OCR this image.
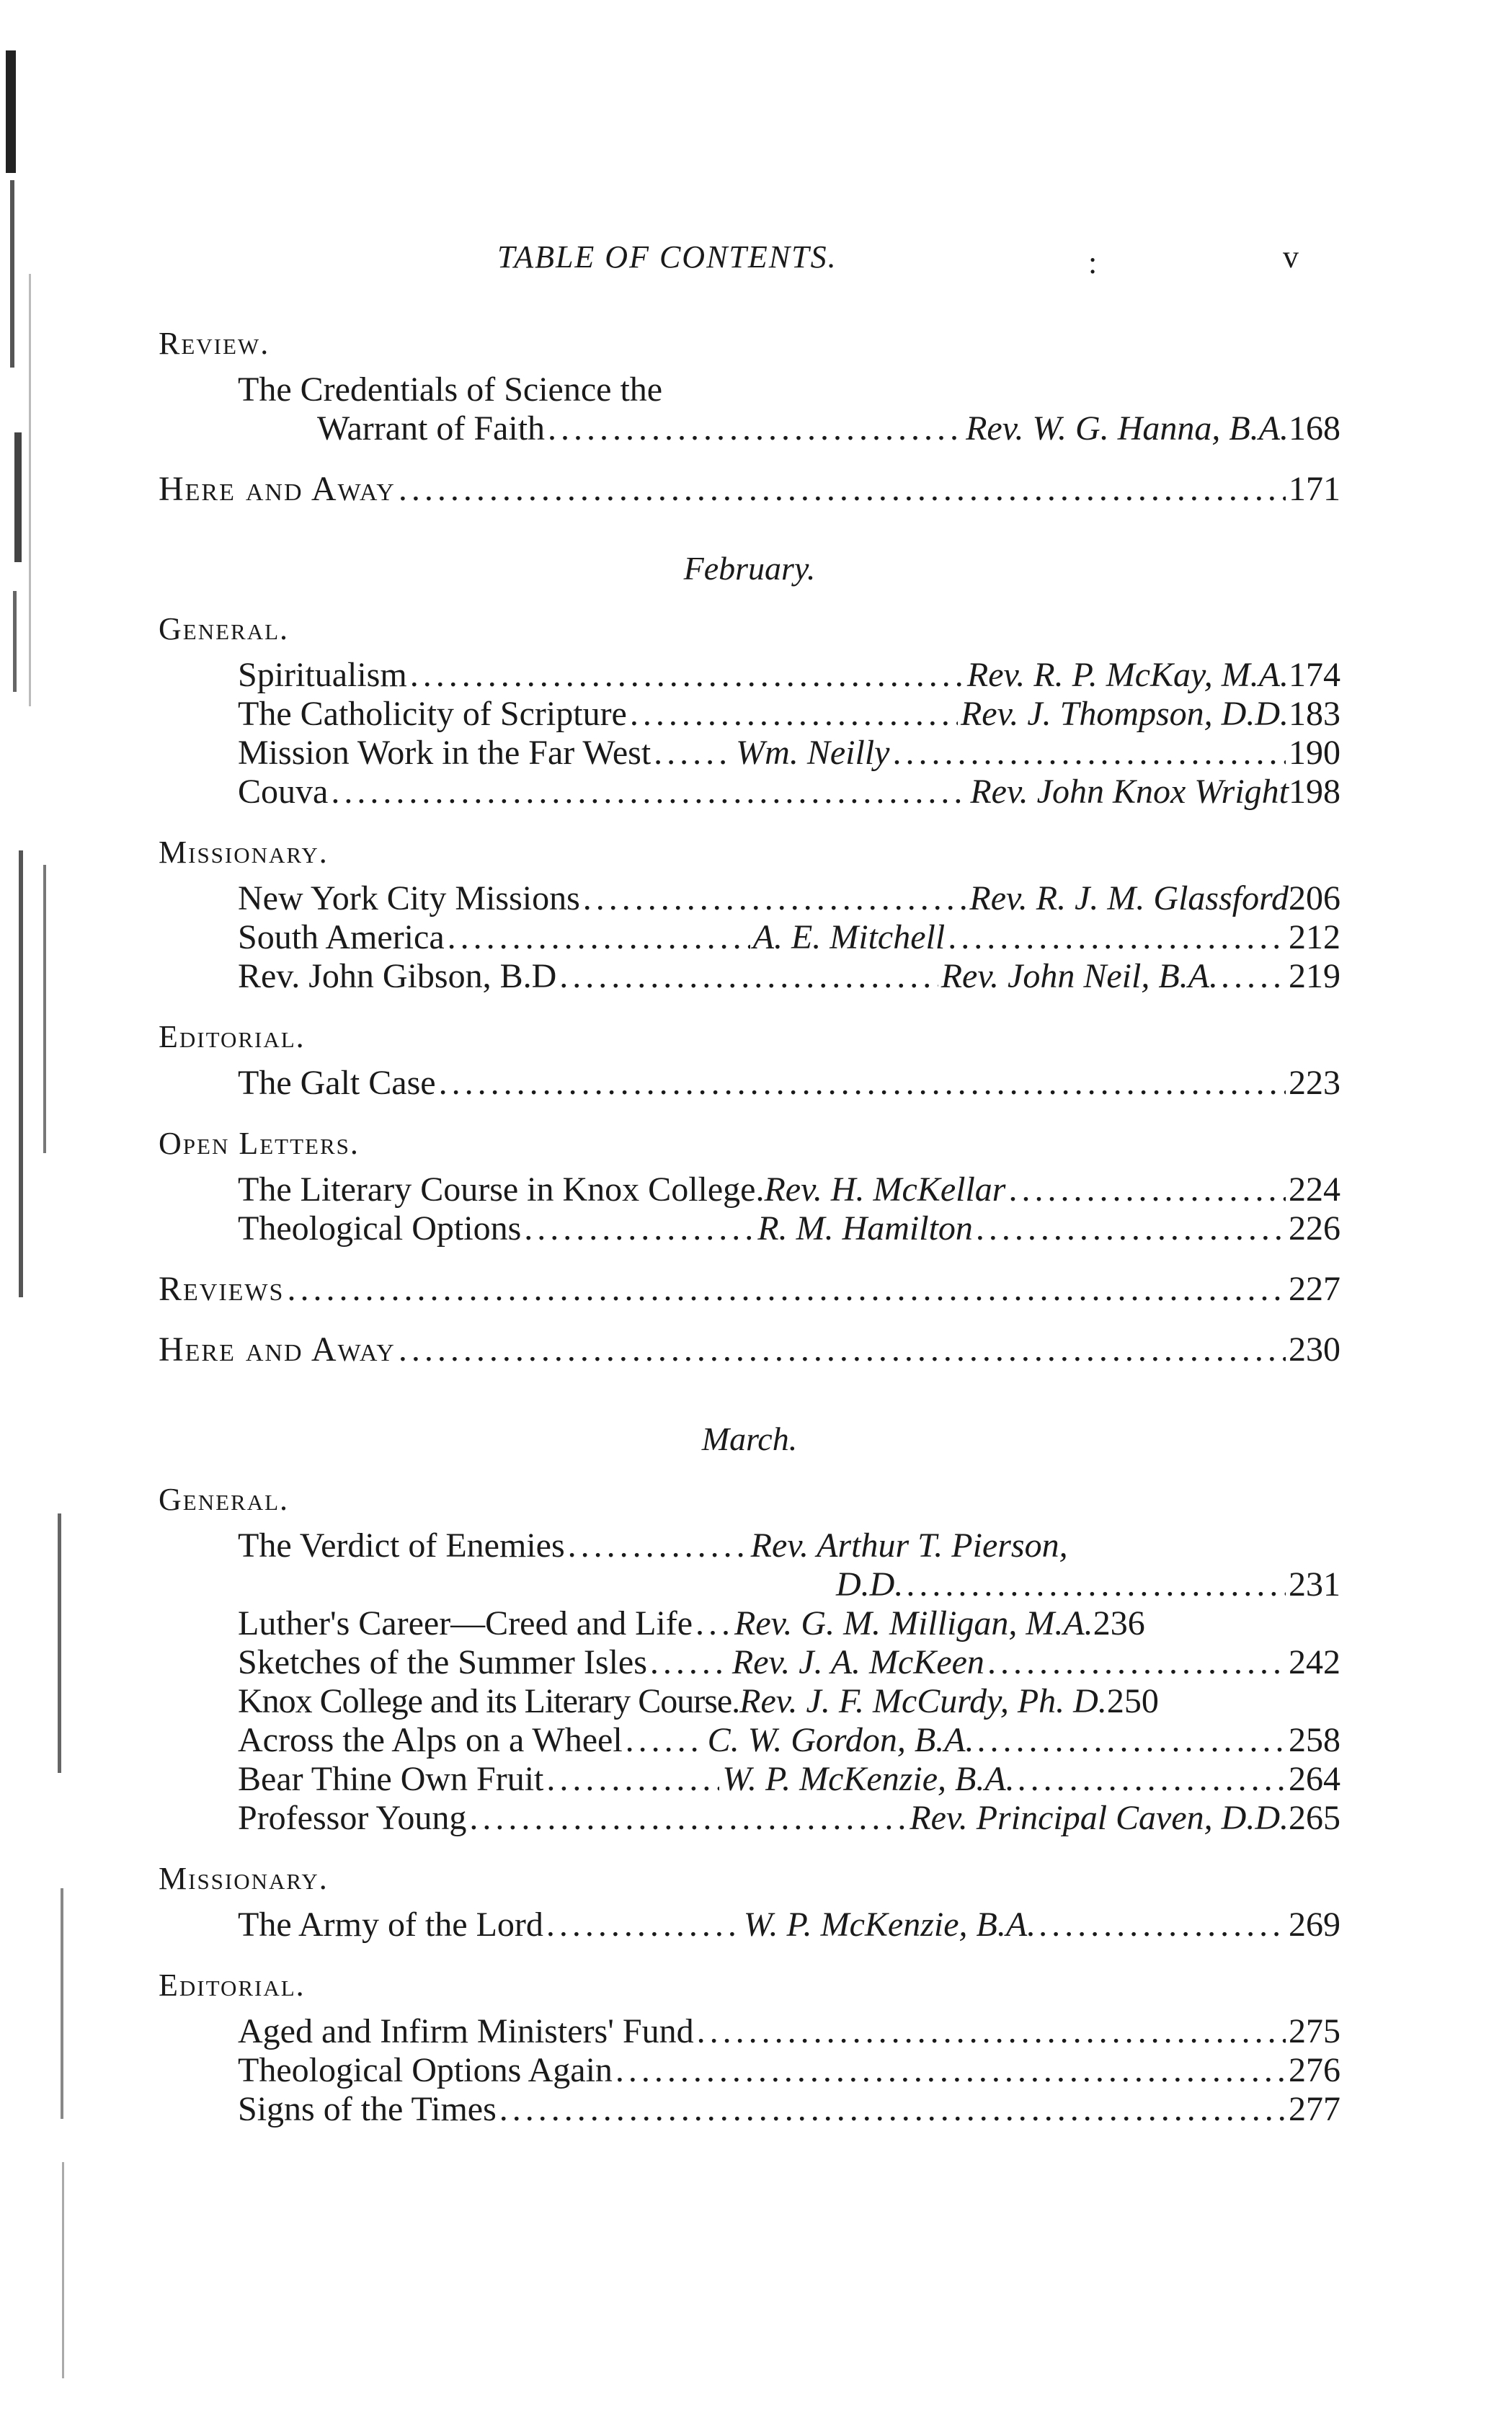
TABLE OF CONTENTS.	:	v
Review.
The Credentials of Science the
Warrant of Faith .....	Rev. W. G. Hanna, B.A. 168
Here and Away .....	171
February.
General.
Spiritualism .....	Rev. R. P. McKay, M.A. 174
The Catholicity of Scripture .....	Rev. J. Thompson, D.D. 183
Mission Work in the Far West ..... Wm. Neilly .....	190
Couva .....	Rev. John Knox Wright 198
Missionary.
New York City Missions .....	Rev. R. J. M. Glassford 206
South America .....	A. E. Mitchell .....	212
Rev. John Gibson, B.D .....	Rev. John Neil, B.A. ..... 219
Editorial.
The Galt Case .....	223
Open Letters.
The Literary Course in Knox College. Rev. H. McKellar .....	224
Theological Options .....	R. M. Hamilton .....	226
Reviews .....	227
Here and Away .....	230
March.
General.
The Verdict of Enemies .....	Rev. Arthur T. Pierson,
D.D. .....	231
Luther's Career—Creed and Life ..... Rev. G. M. Milligan, M.A. 236
Sketches of the Summer Isles ..... Rev. J. A. McKeen .....	242
Knox College and its Literary Course. Rev. J. F. McCurdy, Ph. D. 250
Across the Alps on a Wheel ..... C. W. Gordon, B.A. .....	258
Bear Thine Own Fruit .....	W. P. McKenzie, B.A. .....	264
Professor Young .....	Rev. Principal Caven, D.D. 265
Missionary.
The Army of the Lord .....	W. P. McKenzie, B.A. .....	269
Editorial.
Aged and Infirm Ministers' Fund .....	275
Theological Options Again .....	276
Signs of the Times .....	277
